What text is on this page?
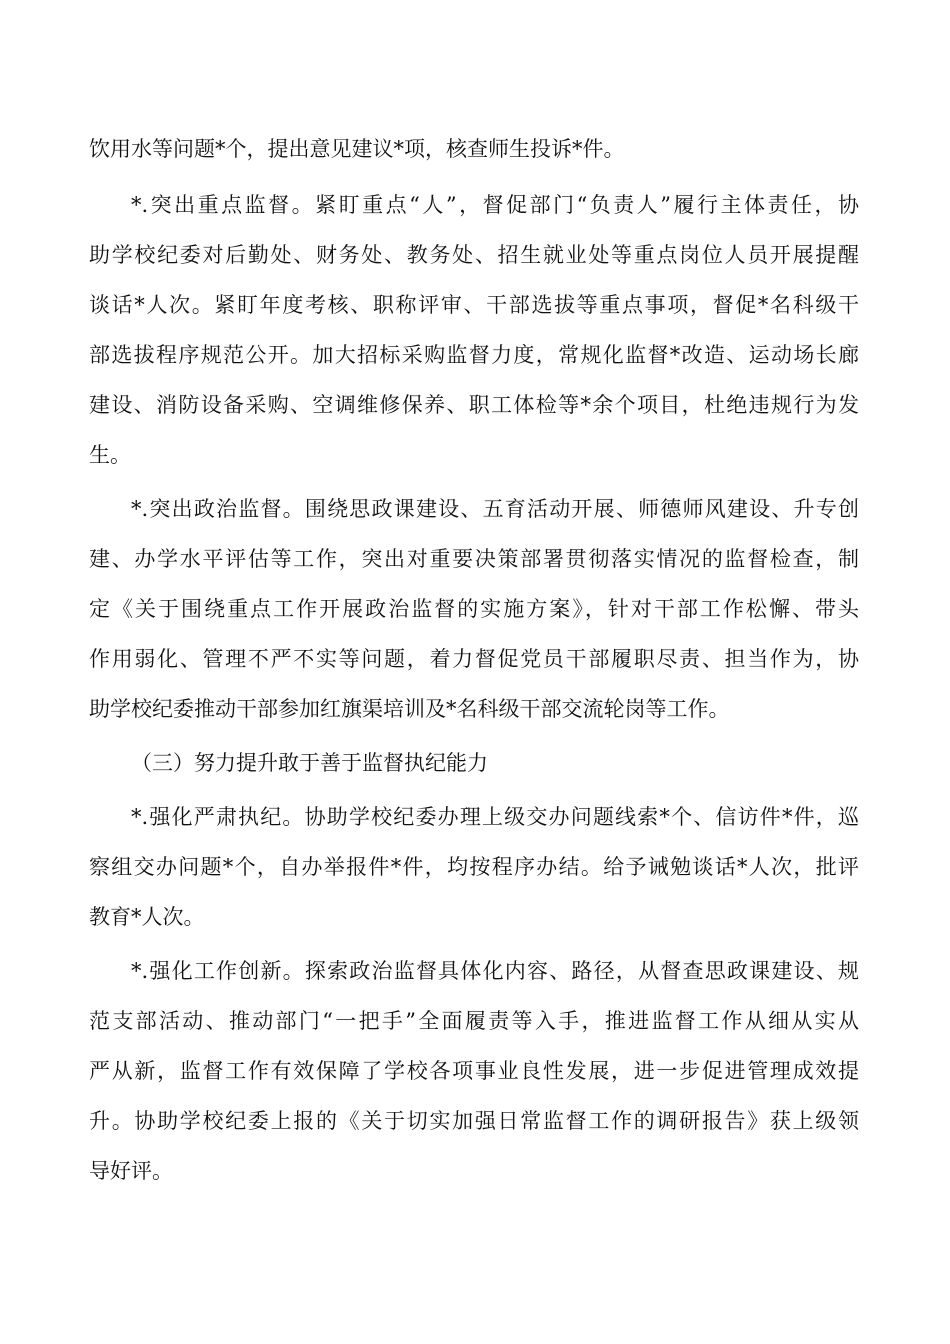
饮用水等问题*个，提出意见建议*项，核查师生投诉*件。
*.突出重点监督。紧盯重点“人”，督促部门“负责人”履行主体责任，协
助学校纪委对后勤处、财务处、教务处、招生就业处等重点岗位人员开展提醒
谈话*人次。紧盯年度考核、职称评审、干部选拔等重点事项，督促*名科级干
部选拔程序规范公开。加大招标采购监督力度，常规化监督*改造、运动场长廊
建设、消防设备采购、空调维修保养、职工体检等*余个项目，杜绝违规行为发
生。
*.突出政治监督。围绕思政课建设、五育活动开展、师德师风建设、升专创
建、办学水平评估等工作，突出对重要决策部署贯彻落实情况的监督检查，制
定《关于围绕重点工作开展政治监督的实施方案》，针对干部工作松懈、带头
作用弱化、管理不严不实等问题，着力督促党员干部履职尽责、担当作为，协
助学校纪委推动干部参加红旗渠培训及*名科级干部交流轮岗等工作。
（三）努力提升敢于善于监督执纪能力
*.强化严肃执纪。协助学校纪委办理上级交办问题线索*个、信访件*件，巡
察组交办问题*个，自办举报件*件，均按程序办结。给予诫勉谈话*人次，批评
教育*人次。
*.强化工作创新。探索政治监督具体化内容、路径，从督查思政课建设、规
范支部活动、推动部门“一把手”全面履责等入手，推进监督工作从细从实从
严从新，监督工作有效保障了学校各项事业良性发展，进一步促进管理成效提
升。协助学校纪委上报的《关于切实加强日常监督工作的调研报告》获上级领
导好评。
